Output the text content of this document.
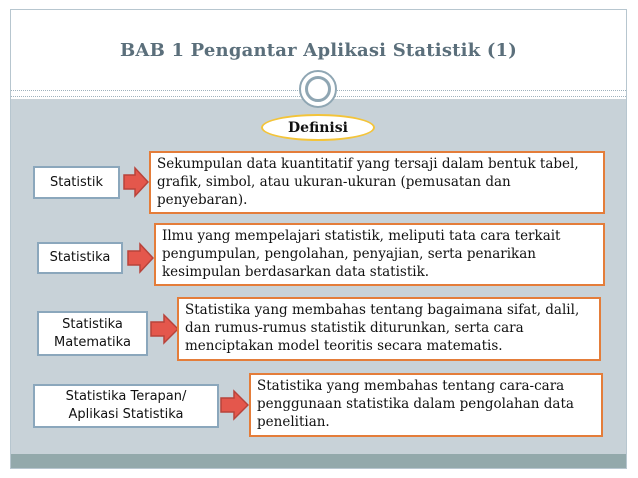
BAB 1 Pengantar Aplikasi Statistik (1)
Definisi
Statistik
Sekumpulan data kuantitatif yang tersaji dalam bentuk tabel,
grafik, simbol, atau ukuran-ukuran (pemusatan dan
penyebaran).
Statistika
Ilmu yang mempelajari statistik, meliputi tata cara terkait
pengumpulan, pengolahan, penyajian, serta penarikan
kesimpulan berdasarkan data statistik.
Statistika
Matematika
Statistika yang membahas tentang bagaimana sifat, dalil,
dan rumus-rumus statistik diturunkan, serta cara
menciptakan model teoritis secara matematis.
Statistika Terapan/
Aplikasi Statistika
Statistika yang membahas tentang cara-cara
penggunaan statistika dalam pengolahan data
penelitian.
